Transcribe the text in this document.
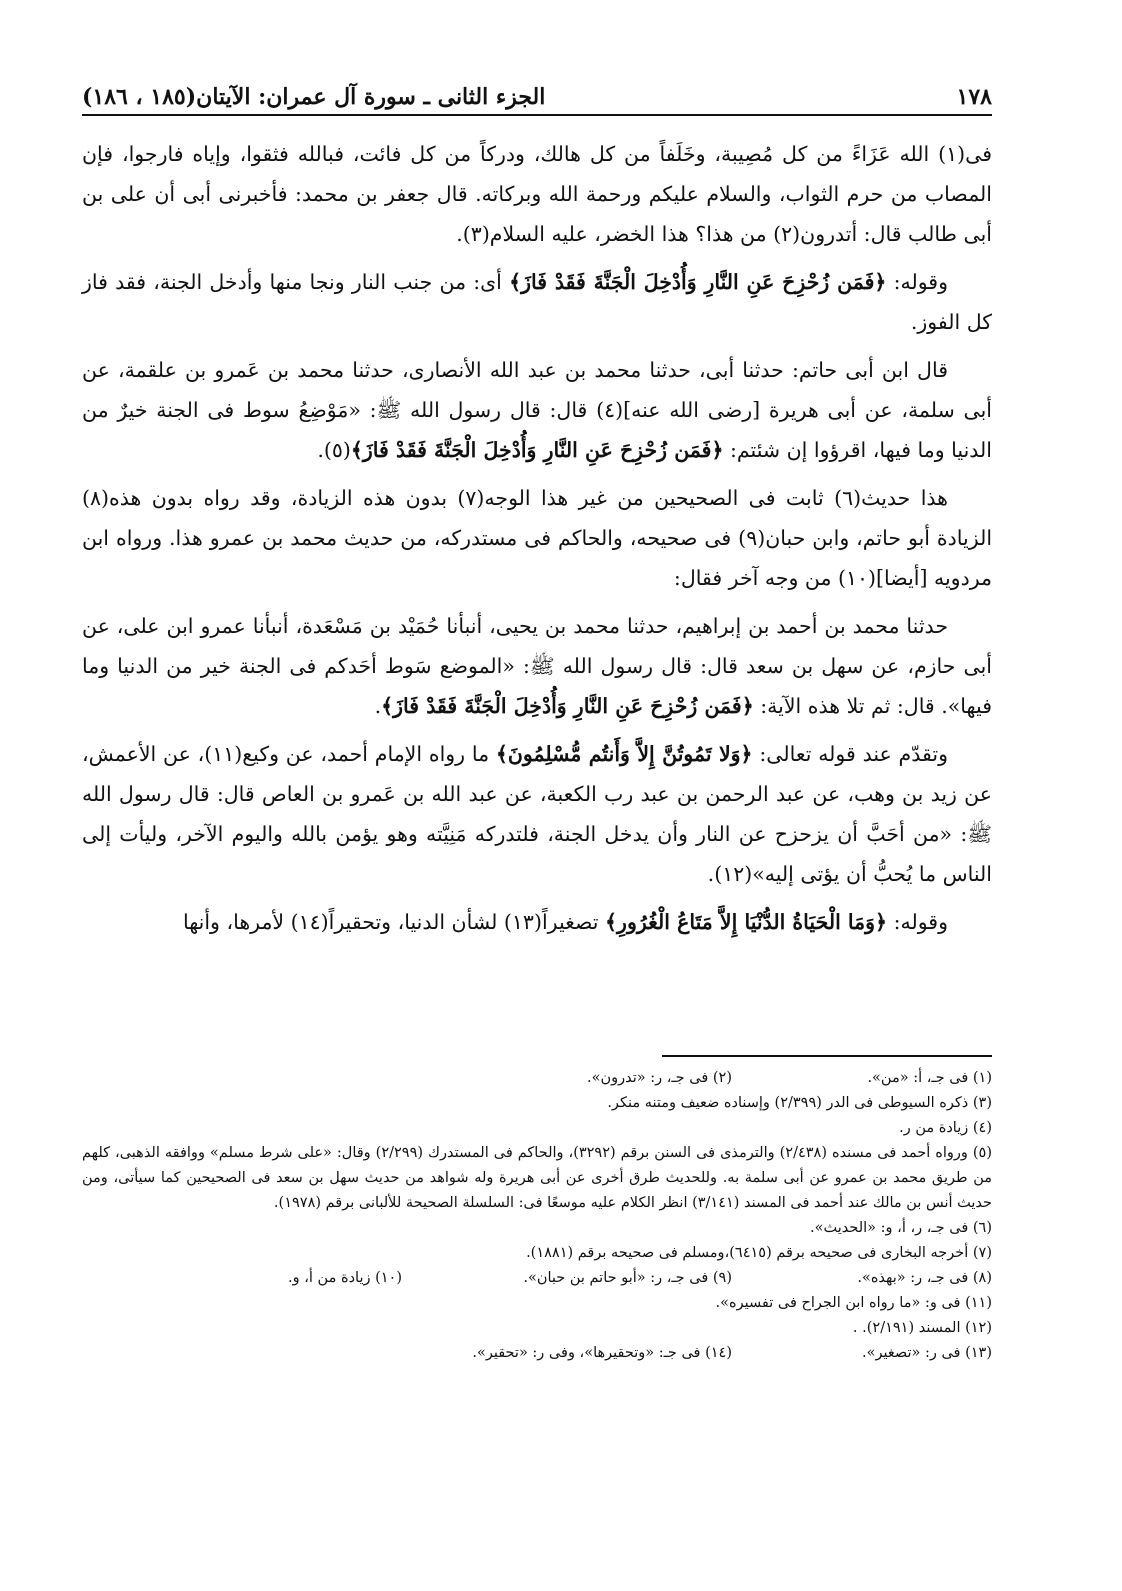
١٧٨
الجزء الثانى ـ سورة آل عمران: الآيتان(١٨٥ ، ١٨٦)

فى(١) الله عَزَاءً من كل مُصِيبة، وخَلَفاً من كل هالك، ودركاً من كل فائت، فبالله فثقوا، وإياه فارجوا، فإن المصاب من حرم الثواب، والسلام عليكم ورحمة الله وبركاته. قال جعفر بن محمد: فأخبرنى أبى أن على بن أبى طالب قال: أتدرون(٢) من هذا؟ هذا الخضر، عليه السلام(٣).

وقوله: ﴿فَمَن زُحْزِحَ عَنِ النَّارِ وَأُدْخِلَ الْجَنَّةَ فَقَدْ فَازَ﴾ أى: من جنب النار ونجا منها وأدخل الجنة، فقد فاز كل الفوز.

قال ابن أبى حاتم: حدثنا أبى، حدثنا محمد بن عبد الله الأنصارى، حدثنا محمد بن عَمرو بن علقمة، عن أبى سلمة، عن أبى هريرة [رضى الله عنه](٤) قال: قال رسول الله ﷺ: «مَوْضِعُ سوط فى الجنة خيرٌ من الدنيا وما فيها، اقرؤوا إن شئتم: ﴿فَمَن زُحْزِحَ عَنِ النَّارِ وَأُدْخِلَ الْجَنَّةَ فَقَدْ فَازَ﴾(٥).

هذا حديث(٦) ثابت فى الصحيحين من غير هذا الوجه(٧) بدون هذه الزيادة، وقد رواه بدون هذه(٨) الزيادة أبو حاتم، وابن حبان(٩) فى صحيحه، والحاكم فى مستدركه، من حديث محمد بن عمرو هذا. ورواه ابن مردويه [أيضا](١٠) من وجه آخر فقال:

حدثنا محمد بن أحمد بن إبراهيم، حدثنا محمد بن يحيى، أنبأنا حُمَيْد بن مَسْعَدة، أنبأنا عمرو ابن على، عن أبى حازم، عن سهل بن سعد قال: قال رسول الله ﷺ: «الموضع سَوط أحَدكم فى الجنة خير من الدنيا وما فيها». قال: ثم تلا هذه الآية: ﴿فَمَن زُحْزِحَ عَنِ النَّارِ وَأُدْخِلَ الْجَنَّةَ فَقَدْ فَازَ﴾.

وتقدّم عند قوله تعالى: ﴿وَلا تَمُوتُنَّ إِلاَّ وَأَنتُم مُّسْلِمُونَ﴾ ما رواه الإمام أحمد، عن وكيع(١١)، عن الأعمش، عن زيد بن وهب، عن عبد الرحمن بن عبد رب الكعبة، عن عبد الله بن عَمرو بن العاص قال: قال رسول الله ﷺ: «من أحَبَّ أن يزحزح عن النار وأن يدخل الجنة، فلتدركه مَنِيَّته وهو يؤمن بالله واليوم الآخر، وليأت إلى الناس ما يُحبُّ أن يؤتى إليه»(١٢).

وقوله: ﴿وَمَا الْحَيَاةُ الدُّنْيَا إِلاَّ مَتَاعُ الْغُرُورِ﴾ تصغيراً(١٣) لشأن الدنيا، وتحقيراً(١٤) لأمرها، وأنها

(١) فى جـ، أ: «من».
(٢) فى جـ، ر: «تدرون».
(٣) ذكره السيوطى فى الدر (٢/٣٩٩) وإسناده ضعيف ومتنه منكر.
(٤) زيادة من ر.
(٥) ورواه أحمد فى مسنده (٢/٤٣٨) والترمذى فى السنن برقم (٣٢٩٢)، والحاكم فى المستدرك (٢/٢٩٩) وقال: «على شرط مسلم» ووافقه الذهبى، كلهم من طريق محمد بن عمرو عن أبى سلمة به. وللحديث طرق أخرى عن أبى هريرة وله شواهد من حديث سهل بن سعد فى الصحيحين كما سيأتى، ومن حديث أنس بن مالك عند أحمد فى المسند (٣/١٤١) انظر الكلام عليه موسعًا فى: السلسلة الصحيحة للألبانى برقم (١٩٧٨).
(٦) فى جـ، ر، أ، و: «الحديث».
(٧) أخرجه البخارى فى صحيحه برقم (٦٤١٥)،ومسلم فى صحيحه برقم (١٨٨١).
(٨) فى جـ، ر: «بهذه».
(٩) فى جـ، ر: «أبو حاتم بن حبان».
(١٠) زيادة من أ، و.
(١١) فى و: «ما رواه ابن الجراح فى تفسيره».
(١٢) المسند (٢/١٩١). .
(١٣) فى ر: «تصغير».
(١٤) فى جـ: «وتحقيرها»، وفى ر: «تحقير».
